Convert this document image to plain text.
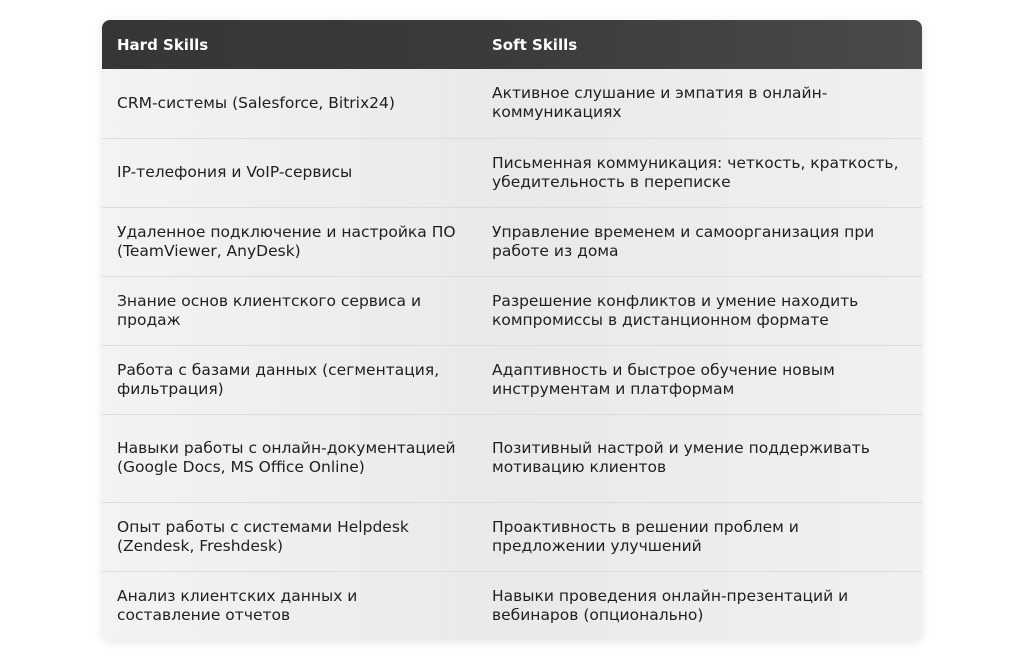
Hard Skills	Soft Skills
CRM-системы (Salesforce, Bitrix24)	Активное слушание и эмпатия в онлайн-коммуникациях
IP-телефония и VoIP-сервисы	Письменная коммуникация: четкость, краткость, убедительность в переписке
Удаленное подключение и настройка ПО (TeamViewer, AnyDesk)	Управление временем и самоорганизация при работе из дома
Знание основ клиентского сервиса и продаж	Разрешение конфликтов и умение находить компромиссы в дистанционном формате
Работа с базами данных (сегментация, фильтрация)	Адаптивность и быстрое обучение новым инструментам и платформам
Навыки работы с онлайн-документацией (Google Docs, MS Office Online)	Позитивный настрой и умение поддерживать мотивацию клиентов
Опыт работы с системами Helpdesk (Zendesk, Freshdesk)	Проактивность в решении проблем и предложении улучшений
Анализ клиентских данных и составление отчетов	Навыки проведения онлайн-презентаций и вебинаров (опционально)
